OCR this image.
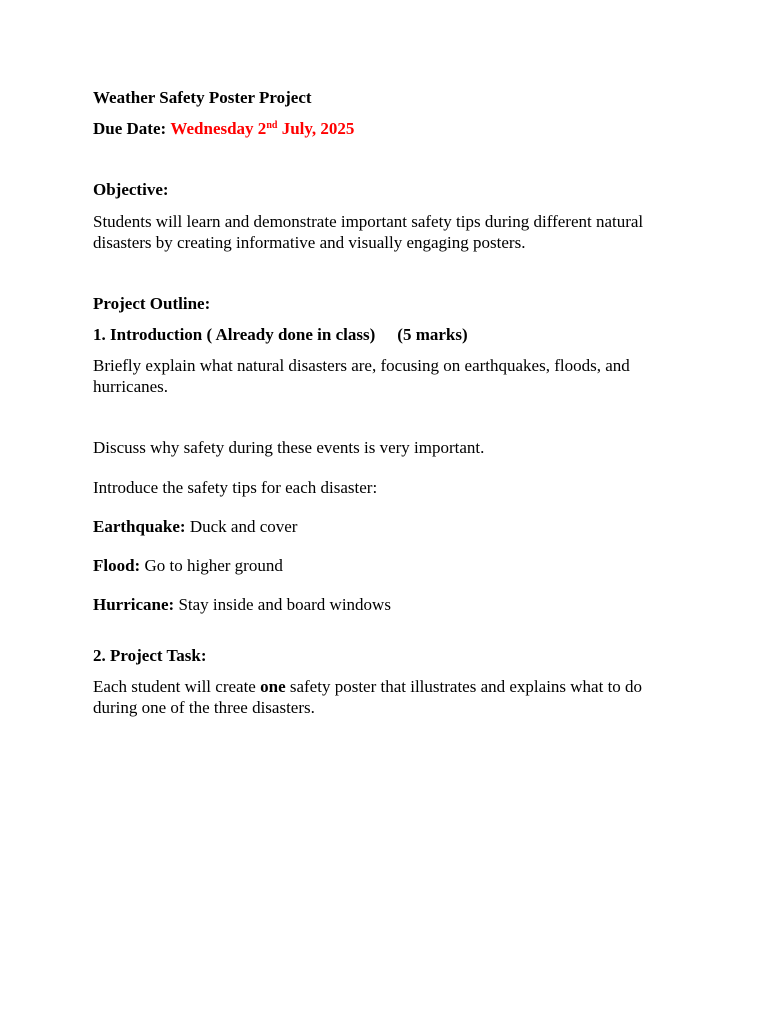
Weather Safety Poster Project
Due Date: Wednesday 2nd July, 2025
Objective:
Students will learn and demonstrate important safety tips during different natural disasters by creating informative and visually engaging posters.
Project Outline:
1. Introduction ( Already done in class) (5 marks)
Briefly explain what natural disasters are, focusing on earthquakes, floods, and hurricanes.
Discuss why safety during these events is very important.
Introduce the safety tips for each disaster:
Earthquake: Duck and cover
Flood: Go to higher ground
Hurricane: Stay inside and board windows
2. Project Task:
Each student will create one safety poster that illustrates and explains what to do during one of the three disasters.
